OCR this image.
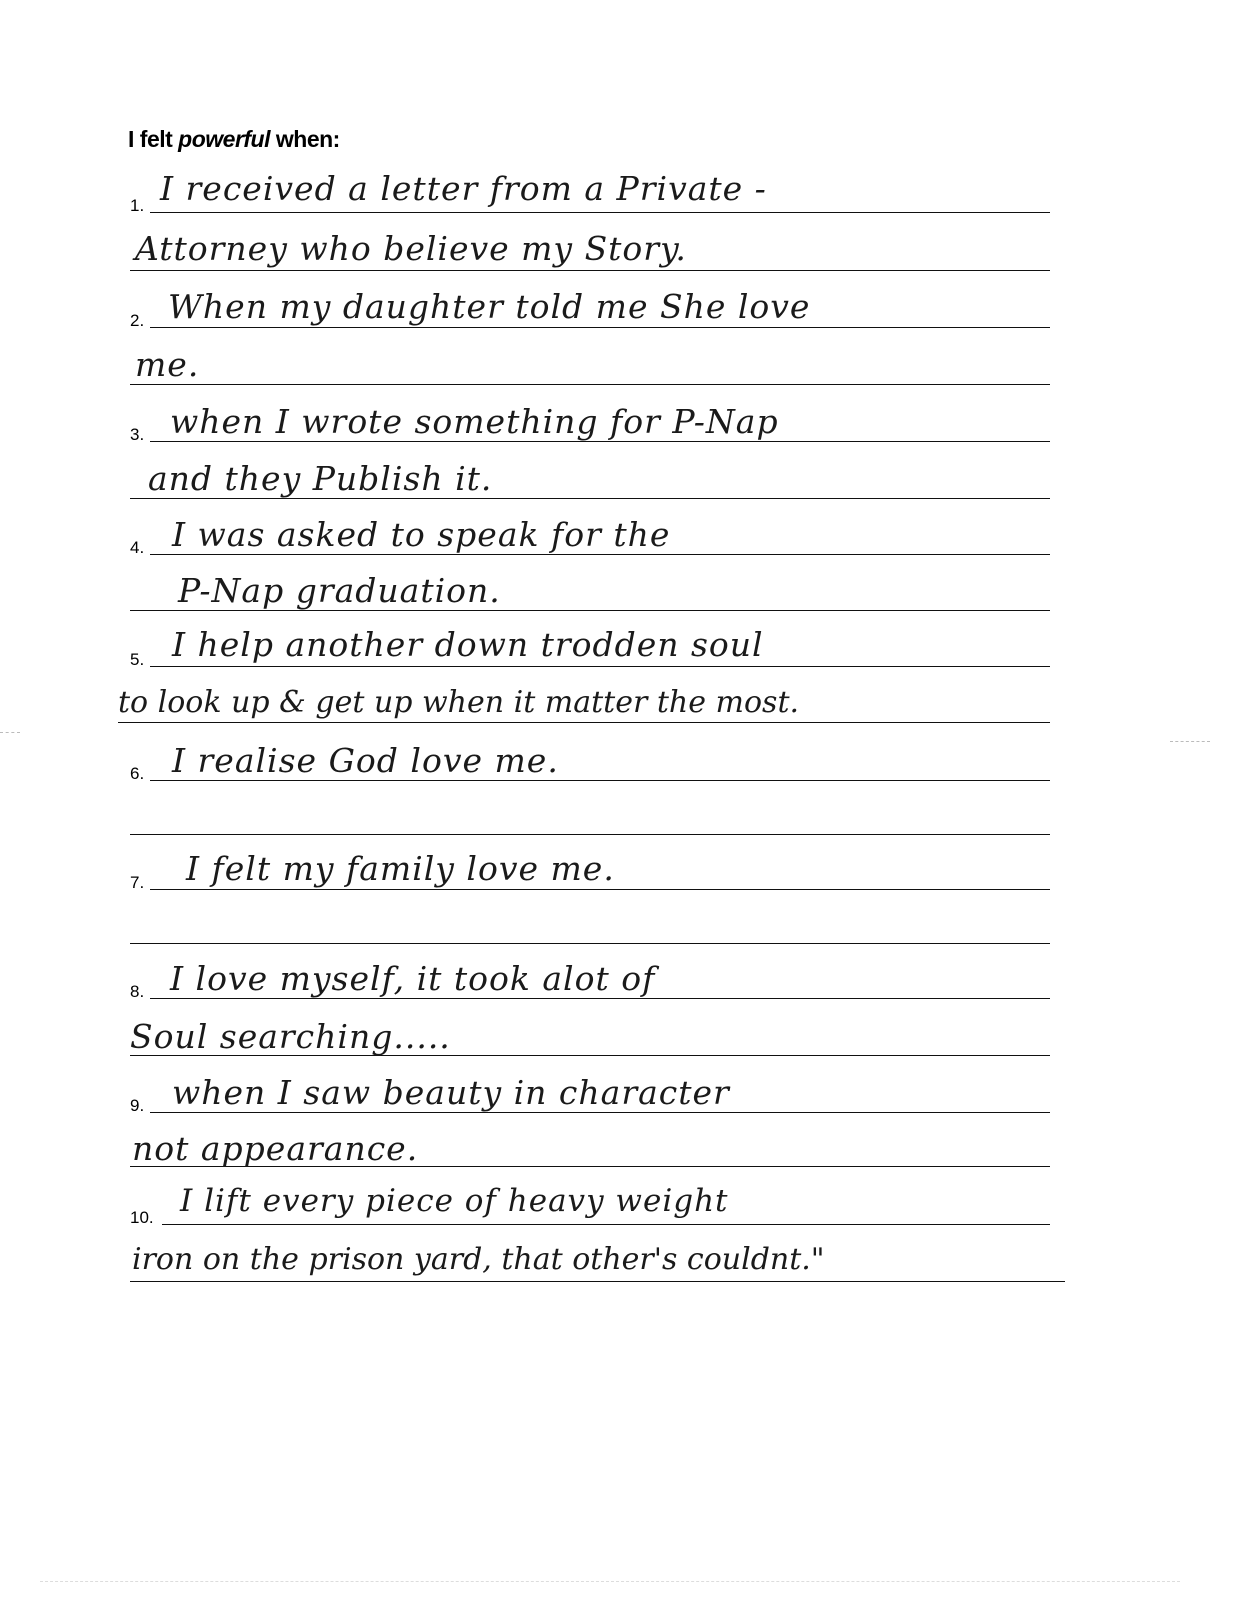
I felt powerful when:
1. I received a letter from a Private -
Attorney who believe my Story.
2. When my daughter told me She love
me.
3. when I wrote something for P-Nap
and they Publish it.
4. I was asked to speak for the
P-Nap graduation.
5. I help another down trodden soul
to look up & get up when it matter the most.
6. I realise God love me.
7. I felt my family love me.
8. I love myself, it took alot of
Soul searching.....
9. when I saw beauty in character
not appearance.
10. I lift every piece of heavy weight
iron on the prison yard, that other's couldnt."
